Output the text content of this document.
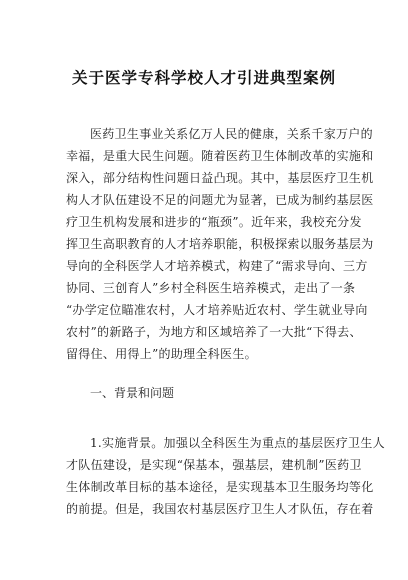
关于医学专科学校人才引进典型案例
医药卫生事业关系亿万人民的健康，关系千家万户的
幸福，是重大民生问题。随着医药卫生体制改革的实施和
深入，部分结构性问题日益凸现。其中，基层医疗卫生机
构人才队伍建设不足的问题尤为显著，已成为制约基层医
疗卫生机构发展和进步的“瓶颈”。近年来，我校充分发
挥卫生高职教育的人才培养职能，积极探索以服务基层为
导向的全科医学人才培养模式，构建了“需求导向、三方
协同、三创育人”乡村全科医生培养模式，走出了一条
“办学定位瞄准农村，人才培养贴近农村、学生就业导向
农村”的新路子，为地方和区域培养了一大批“下得去、
留得住、用得上”的助理全科医生。
一、背景和问题
1.实施背景。加强以全科医生为重点的基层医疗卫生人
才队伍建设，是实现“保基本，强基层，建机制”医药卫
生体制改革目标的基本途径，是实现基本卫生服务均等化
的前提。但是，我国农村基层医疗卫生人才队伍，存在着
